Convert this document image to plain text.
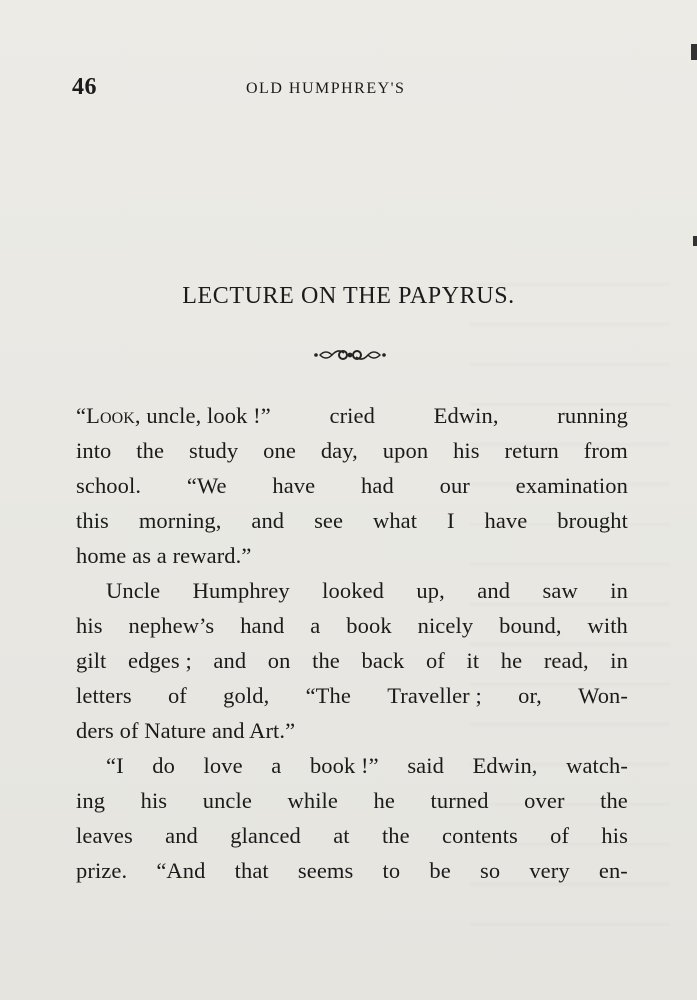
46	OLD HUMPHREY'S
LECTURE ON THE PAPYRUS.
“Look, uncle, look !”	cried	Edwin,	running
into the study one day, upon his return from
school. “We have had our examination
this morning, and see what I have brought
home as a reward.”
Uncle Humphrey looked up, and saw in
his nephew’s hand a book nicely bound, with
gilt edges ; and on the back of it he read, in
letters of gold, “The Traveller ; or, Won-
ders of Nature and Art.”
“I do love a book !” said Edwin, watch-
ing his uncle while he turned over the
leaves and glanced at the contents of his
prize. “And that seems to be so very en-
